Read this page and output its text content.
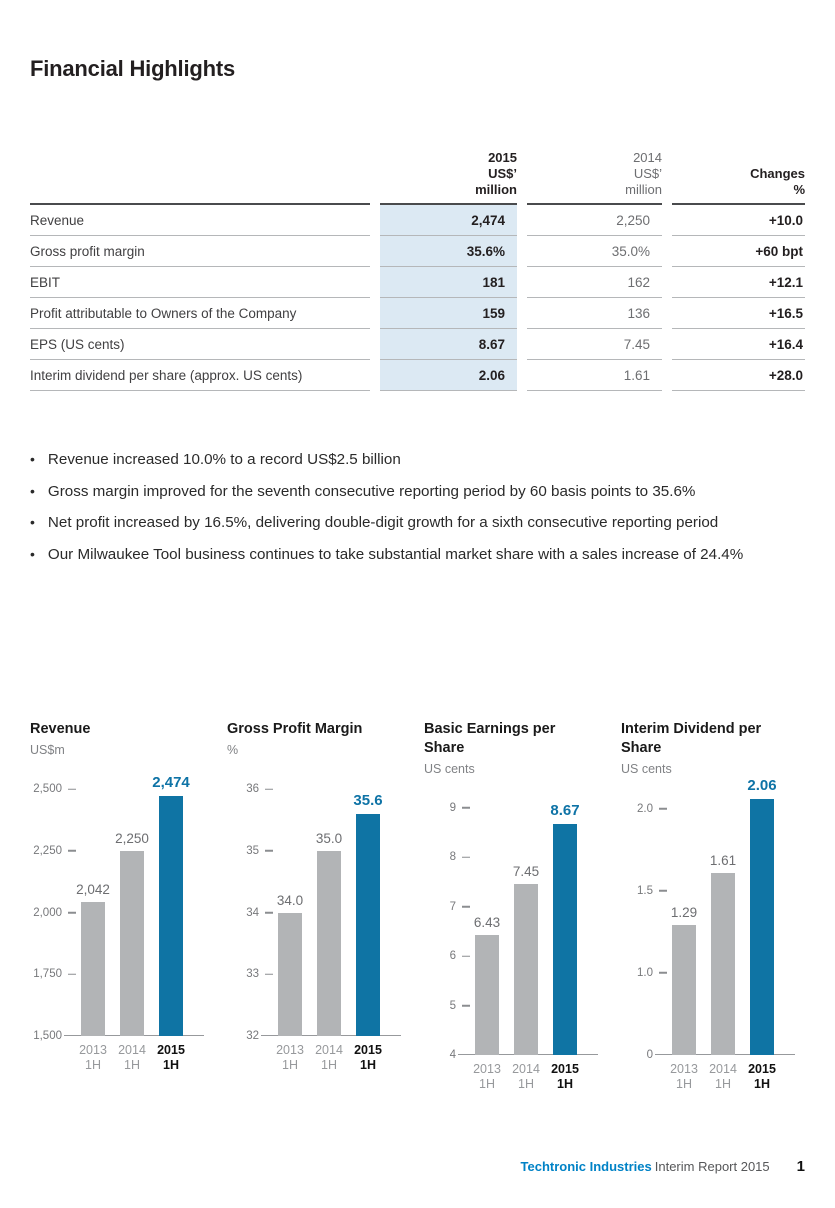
Financial Highlights
2015
US$’
million
2014
US$’
million
Changes
%
Revenue	2,474	2,250	+10.0
Gross profit margin	35.6%	35.0%	+60 bpt
EBIT	181	162	+12.1
Profit attributable to Owners of the Company	159	136	+16.5
EPS (US cents)	8.67	7.45	+16.4
Interim dividend per share (approx. US cents)	2.06	1.61	+28.0
• Revenue increased 10.0% to a record US$2.5 billion
• Gross margin improved for the seventh consecutive reporting period by 60 basis points to 35.6%
• Net profit increased by 16.5%, delivering double-digit growth for a sixth consecutive reporting period
• Our Milwaukee Tool business continues to take substantial market share with a sales increase of 24.4%
Revenue
US$m
2,500
2,250
2,000
1,750
1,500
2,042
2013
1H
2,250
2014
1H
2,474
2015
1H
Gross Profit Margin
%
36
35
34
33
32
34.0
2013
1H
35.0
2014
1H
35.6
2015
1H
Basic Earnings per Share
US cents
9
8
7
6
5
4
6.43
2013
1H
7.45
2014
1H
8.67
2015
1H
Interim Dividend per Share
US cents
2.0
1.5
1.0
0
1.29
2013
1H
1.61
2014
1H
2.06
2015
1H
Techtronic Industries Interim Report 2015 1
